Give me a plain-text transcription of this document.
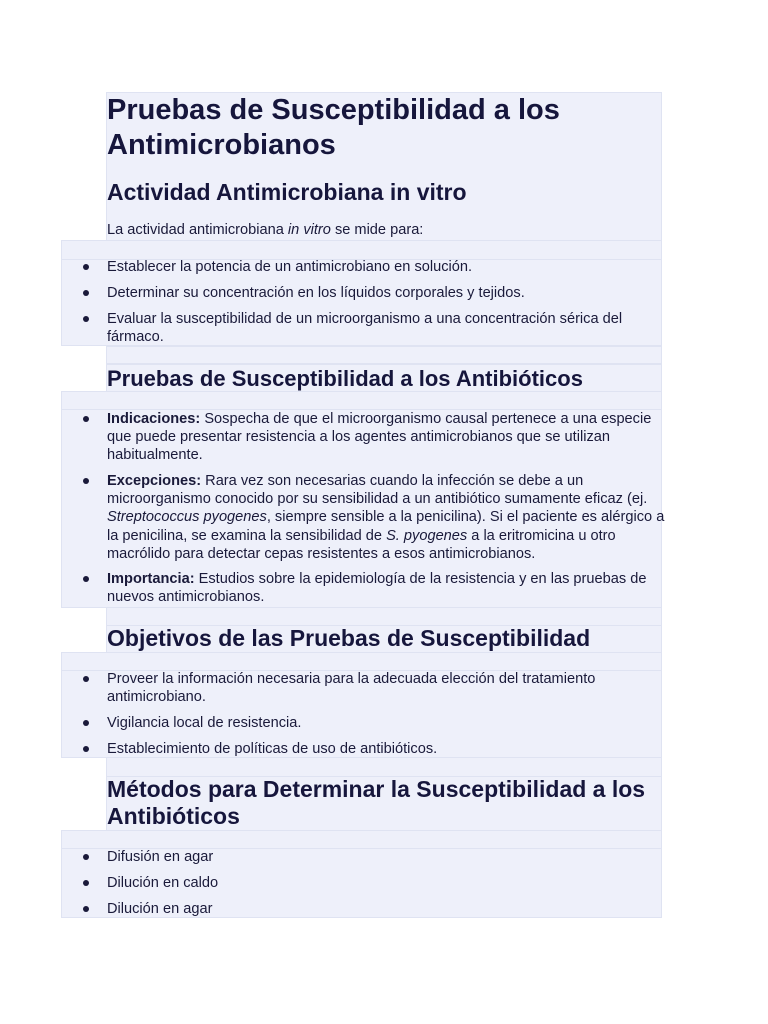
Pruebas de Susceptibilidad a los
Antimicrobianos
Actividad Antimicrobiana in vitro

La actividad antimicrobiana in vitro se mide para:

Establecer la potencia de un antimicrobiano en solución.

Determinar su concentración en los líquidos corporales y tejidos.

Evaluar la susceptibilidad de un microorganismo a una concentración sérica del fármaco.

Pruebas de Susceptibilidad a los Antibióticos

Indicaciones: Sospecha de que el microorganismo causal pertenece a una especie que puede presentar resistencia a los agentes antimicrobianos que se utilizan habitualmente.

Excepciones: Rara vez son necesarias cuando la infección se debe a un microorganismo conocido por su sensibilidad a un antibiótico sumamente eficaz (ej. Streptococcus pyogenes, siempre sensible a la penicilina). Si el paciente es alérgico a la penicilina, se examina la sensibilidad de S. pyogenes a la eritromicina u otro macrólido para detectar cepas resistentes a esos antimicrobianos.

Importancia: Estudios sobre la epidemiología de la resistencia y en las pruebas de nuevos antimicrobianos.

Objetivos de las Pruebas de Susceptibilidad

Proveer la información necesaria para la adecuada elección del tratamiento antimicrobiano.

Vigilancia local de resistencia.

Establecimiento de políticas de uso de antibióticos.

Métodos para Determinar la Susceptibilidad a los
Antibióticos

Difusión en agar

Dilución en caldo

Dilución en agar
